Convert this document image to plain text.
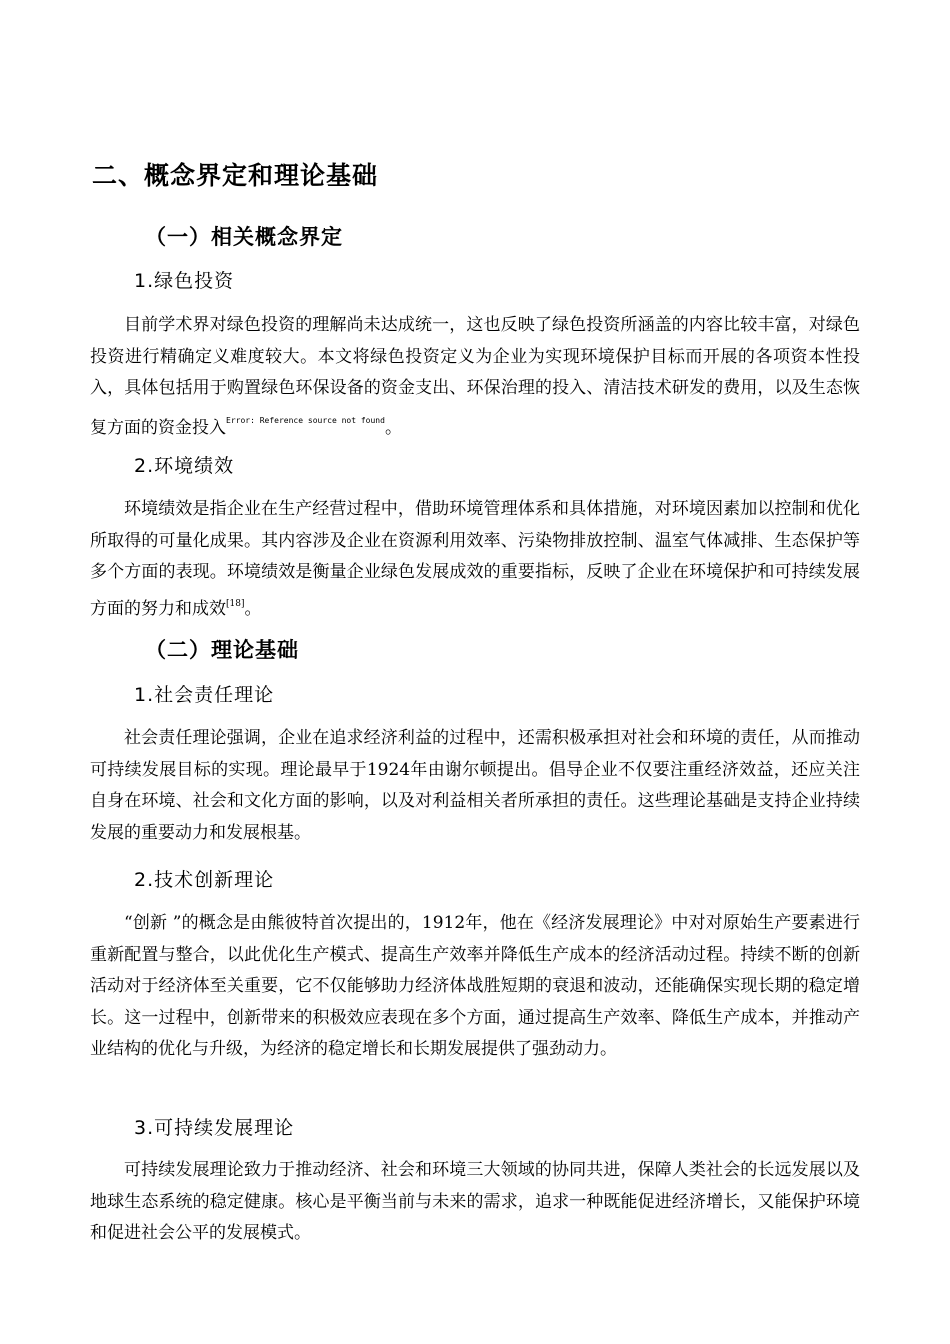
二、概念界定和理论基础
（一）相关概念界定
1.绿色投资

目前学术界对绿色投资的理解尚未达成统一，这也反映了绿色投资所涵盖的内容比较丰富，对绿色投资进行精确定义难度较大。本文将绿色投资定义为企业为实现环境保护目标而开展的各项资本性投入，具体包括用于购置绿色环保设备的资金支出、环保治理的投入、清洁技术研发的费用，以及生态恢复方面的资金投入$^{Error: Reference source not found}$。

2.环境绩效

环境绩效是指企业在生产经营过程中，借助环境管理体系和具体措施，对环境因素加以控制和优化所取得的可量化成果。其内容涉及企业在资源利用效率、污染物排放控制、温室气体减排、生态保护等多个方面的表现。环境绩效是衡量企业绿色发展成效的重要指标，反映了企业在环境保护和可持续发展方面的努力和成效[18]。

（二）理论基础
1.社会责任理论

社会责任理论强调，企业在追求经济利益的过程中，还需积极承担对社会和环境的责任，从而推动可持续发展目标的实现。理论最早于1924年由谢尔顿提出。倡导企业不仅要注重经济效益，还应关注自身在环境、社会和文化方面的影响，以及对利益相关者所承担的责任。这些理论基础是支持企业持续发展的重要动力和发展根基。

2.技术创新理论

“创新 ”的概念是由熊彼特首次提出的，1912年，他在《经济发展理论》中对对原始生产要素进行重新配置与整合，以此优化生产模式、提高生产效率并降低生产成本的经济活动过程。持续不断的创新活动对于经济体至关重要，它不仅能够助力经济体战胜短期的衰退和波动，还能确保实现长期的稳定增长。这一过程中，创新带来的积极效应表现在多个方面，通过提高生产效率、降低生产成本，并推动产业结构的优化与升级，为经济的稳定增长和长期发展提供了强劲动力。

3.可持续发展理论

可持续发展理论致力于推动经济、社会和环境三大领域的协同共进，保障人类社会的长远发展以及地球生态系统的稳定健康。核心是平衡当前与未来的需求，追求一种既能促进经济增长，又能保护环境和促进社会公平的发展模式。
